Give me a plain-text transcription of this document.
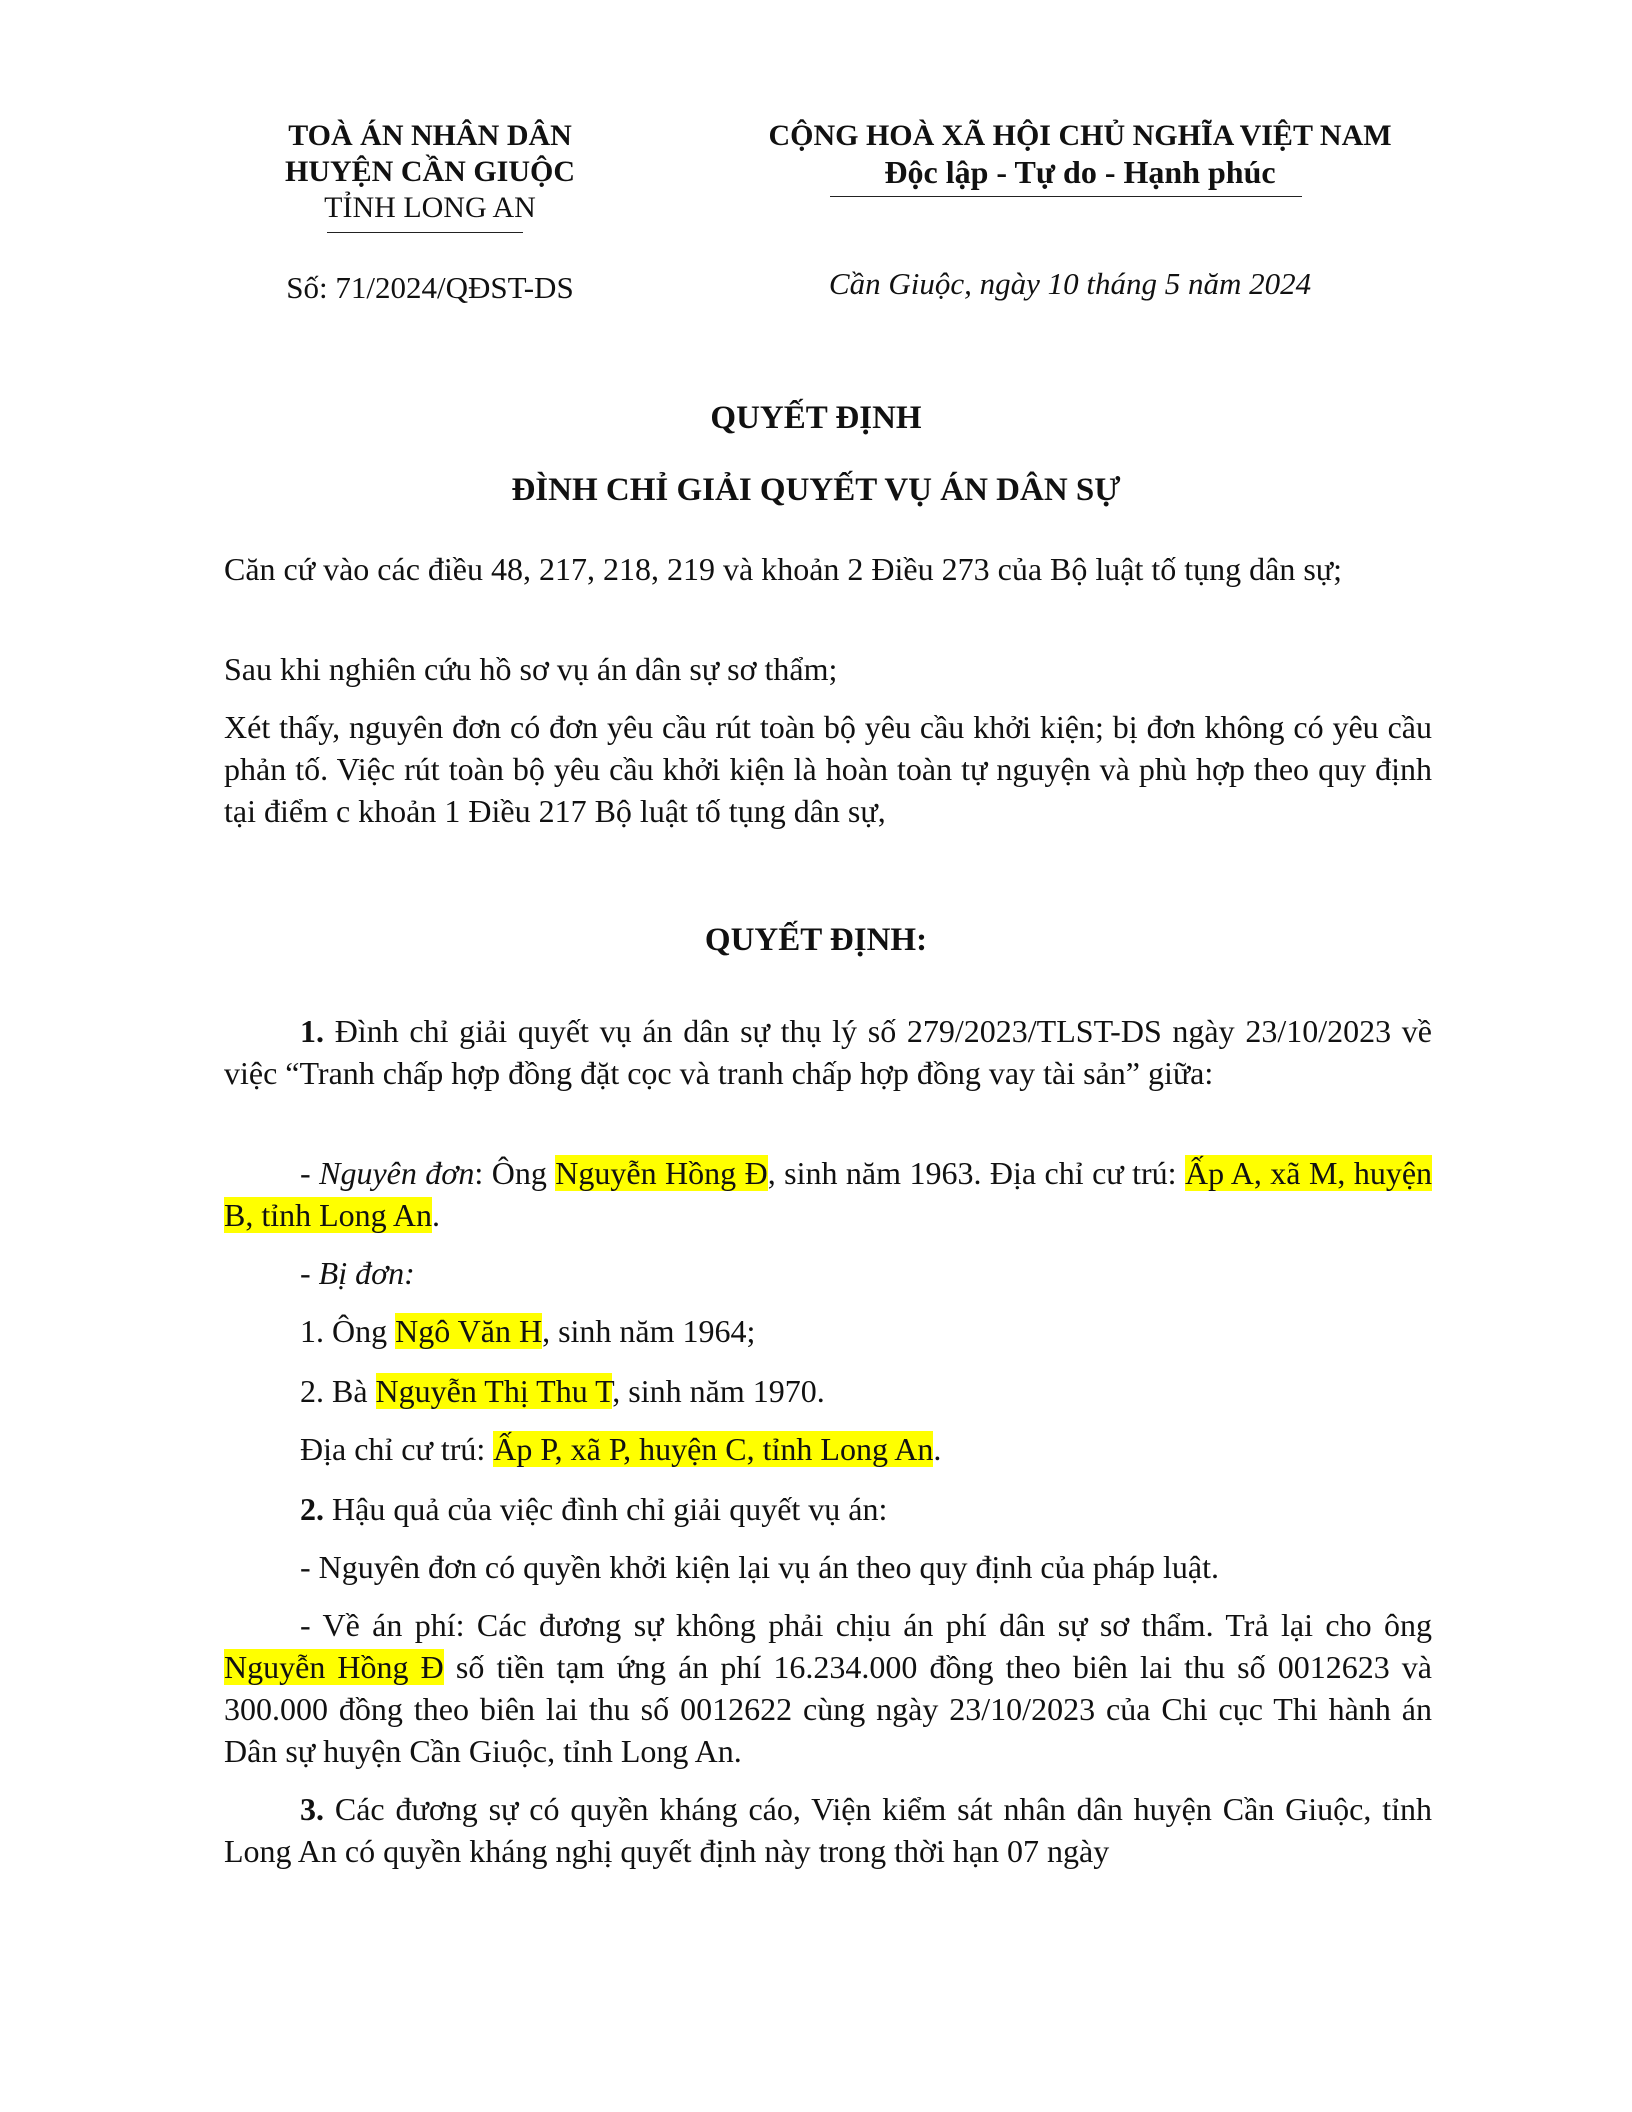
TOÀ ÁN NHÂN DÂN
HUYỆN CẦN GIUỘC
TỈNH LONG AN
CỘNG HOÀ XÃ HỘI CHỦ NGHĨA VIỆT NAM
Độc lập - Tự do - Hạnh phúc
Số: 71/2024/QĐST-DS	Cần Giuộc, ngày 10 tháng 5 năm 2024
QUYẾT ĐỊNH
ĐÌNH CHỈ GIẢI QUYẾT VỤ ÁN DÂN SỰ
Căn cứ vào các điều 48, 217, 218, 219 và khoản 2 Điều 273 của Bộ luật tố tụng dân sự;
Sau khi nghiên cứu hồ sơ vụ án dân sự sơ thẩm;
Xét thấy, nguyên đơn có đơn yêu cầu rút toàn bộ yêu cầu khởi kiện; bị đơn không có yêu cầu phản tố. Việc rút toàn bộ yêu cầu khởi kiện là hoàn toàn tự nguyện và phù hợp theo quy định tại điểm c khoản 1 Điều 217 Bộ luật tố tụng dân sự,
QUYẾT ĐỊNH:
1. Đình chỉ giải quyết vụ án dân sự thụ lý số 279/2023/TLST-DS ngày 23/10/2023 về việc “Tranh chấp hợp đồng đặt cọc và tranh chấp hợp đồng vay tài sản” giữa:
- Nguyên đơn: Ông Nguyễn Hồng Đ, sinh năm 1963. Địa chỉ cư trú: Ấp A, xã M, huyện B, tỉnh Long An.
- Bị đơn:
1. Ông Ngô Văn H, sinh năm 1964;
2. Bà Nguyễn Thị Thu T, sinh năm 1970.
Địa chỉ cư trú: Ấp P, xã P, huyện C, tỉnh Long An.
2. Hậu quả của việc đình chỉ giải quyết vụ án:
- Nguyên đơn có quyền khởi kiện lại vụ án theo quy định của pháp luật.
- Về án phí: Các đương sự không phải chịu án phí dân sự sơ thẩm. Trả lại cho ông Nguyễn Hồng Đ số tiền tạm ứng án phí 16.234.000 đồng theo biên lai thu số 0012623 và 300.000 đồng theo biên lai thu số 0012622 cùng ngày 23/10/2023 của Chi cục Thi hành án Dân sự huyện Cần Giuộc, tỉnh Long An.
3. Các đương sự có quyền kháng cáo, Viện kiểm sát nhân dân huyện Cần Giuộc, tỉnh Long An có quyền kháng nghị quyết định này trong thời hạn 07 ngày
